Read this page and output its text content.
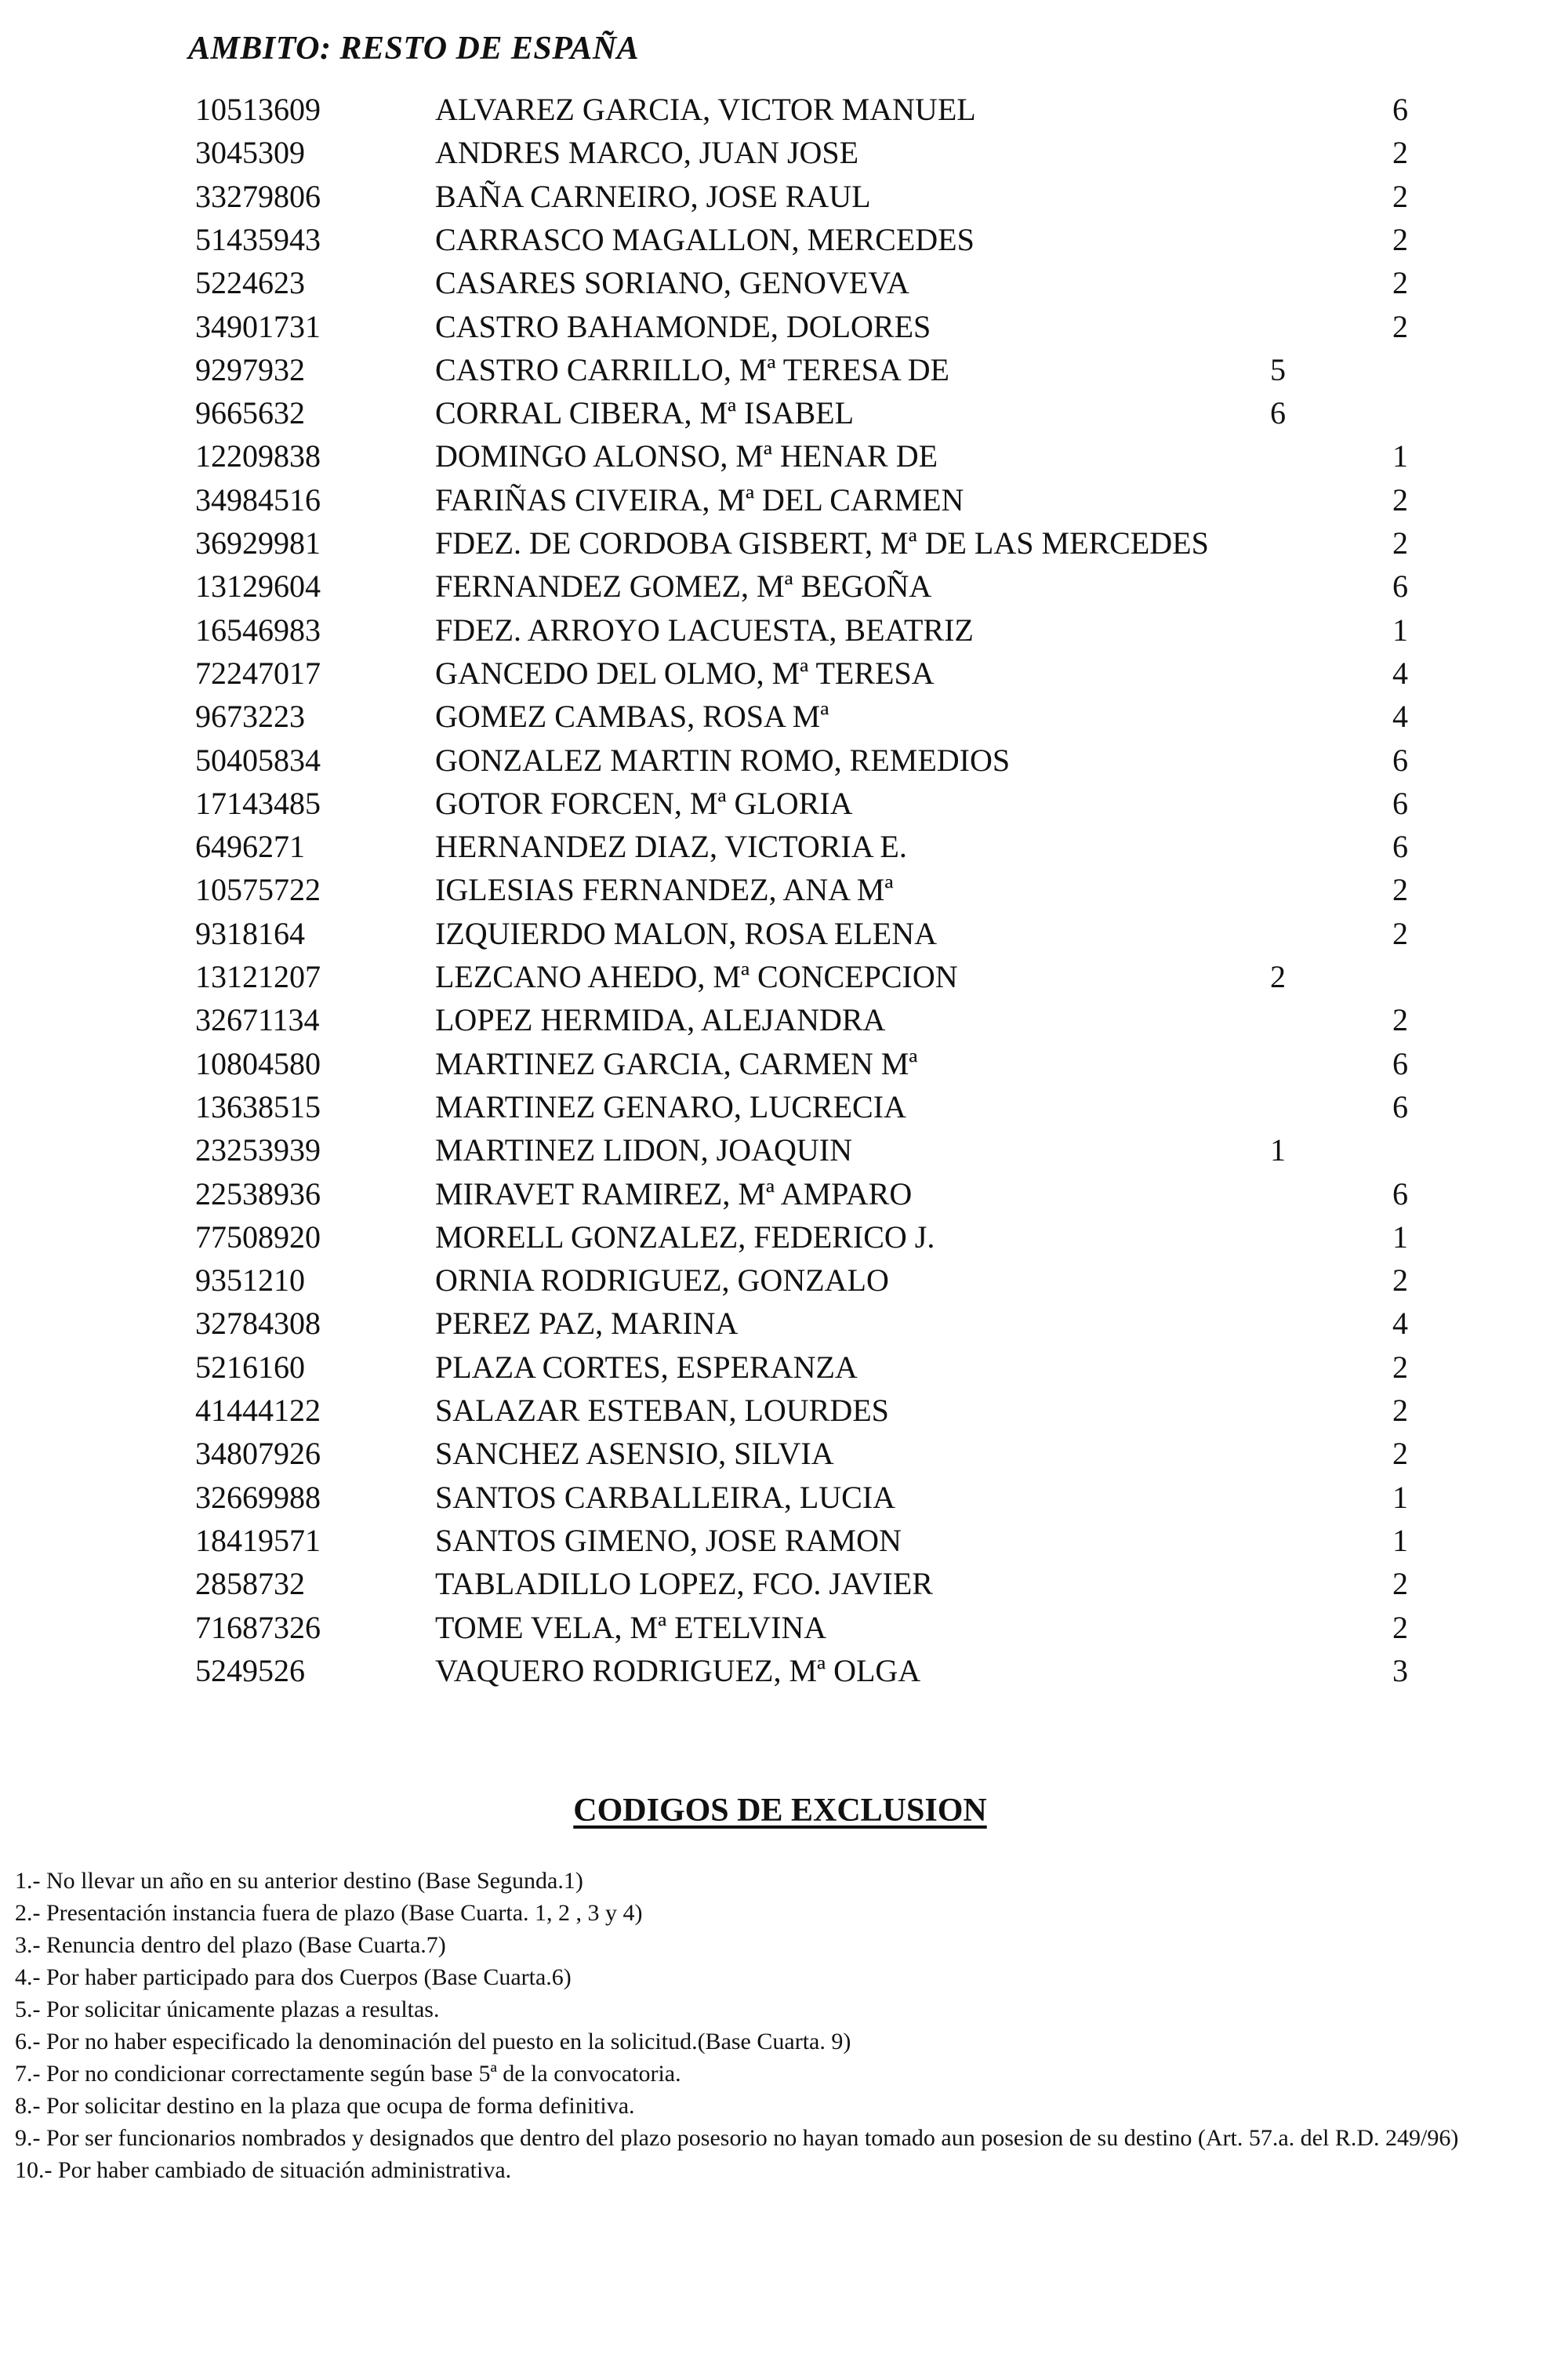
AMBITO: RESTO DE ESPAÑA
10513609	ALVAREZ GARCIA, VICTOR MANUEL	6
3045309	ANDRES MARCO, JUAN JOSE	2
33279806	BAÑA CARNEIRO, JOSE RAUL	2
51435943	CARRASCO MAGALLON, MERCEDES	2
5224623	CASARES SORIANO, GENOVEVA	2
34901731	CASTRO BAHAMONDE, DOLORES	2
9297932	CASTRO CARRILLO, Mª TERESA DE	5
9665632	CORRAL CIBERA, Mª ISABEL	6
12209838	DOMINGO ALONSO, Mª HENAR DE	1
34984516	FARIÑAS CIVEIRA, Mª DEL CARMEN	2
36929981	FDEZ. DE CORDOBA GISBERT, Mª DE LAS MERCEDES	2
13129604	FERNANDEZ GOMEZ, Mª BEGOÑA	6
16546983	FDEZ. ARROYO LACUESTA, BEATRIZ	1
72247017	GANCEDO DEL OLMO, Mª TERESA	4
9673223	GOMEZ CAMBAS, ROSA Mª	4
50405834	GONZALEZ MARTIN ROMO, REMEDIOS	6
17143485	GOTOR FORCEN, Mª GLORIA	6
6496271	HERNANDEZ DIAZ, VICTORIA E.	6
10575722	IGLESIAS FERNANDEZ, ANA Mª	2
9318164	IZQUIERDO MALON, ROSA ELENA	2
13121207	LEZCANO AHEDO, Mª CONCEPCION	2
32671134	LOPEZ HERMIDA, ALEJANDRA	2
10804580	MARTINEZ GARCIA, CARMEN Mª	6
13638515	MARTINEZ GENARO, LUCRECIA	6
23253939	MARTINEZ LIDON, JOAQUIN	1
22538936	MIRAVET RAMIREZ, Mª AMPARO	6
77508920	MORELL GONZALEZ, FEDERICO J.	1
9351210	ORNIA RODRIGUEZ, GONZALO	2
32784308	PEREZ PAZ, MARINA	4
5216160	PLAZA CORTES, ESPERANZA	2
41444122	SALAZAR ESTEBAN, LOURDES	2
34807926	SANCHEZ ASENSIO, SILVIA	2
32669988	SANTOS CARBALLEIRA, LUCIA	1
18419571	SANTOS GIMENO, JOSE RAMON	1
2858732	TABLADILLO LOPEZ, FCO. JAVIER	2
71687326	TOME VELA, Mª ETELVINA	2
5249526	VAQUERO RODRIGUEZ, Mª OLGA	3
CODIGOS DE EXCLUSION
1.- No llevar un año en su anterior destino (Base Segunda.1)
2.- Presentación instancia fuera de plazo (Base Cuarta. 1, 2 , 3 y 4)
3.- Renuncia dentro del plazo (Base Cuarta.7)
4.- Por haber participado para dos Cuerpos (Base Cuarta.6)
5.- Por solicitar únicamente plazas a resultas.
6.- Por no haber especificado la denominación del puesto en la solicitud.(Base Cuarta. 9)
7.- Por no condicionar correctamente según base 5ª de la convocatoria.
8.- Por solicitar destino en la plaza que ocupa de forma definitiva.
9.- Por ser funcionarios nombrados y designados que dentro del plazo posesorio no hayan tomado aun posesion de su destino (Art. 57.a. del R.D. 249/96)
10.- Por haber cambiado de situación administrativa.
